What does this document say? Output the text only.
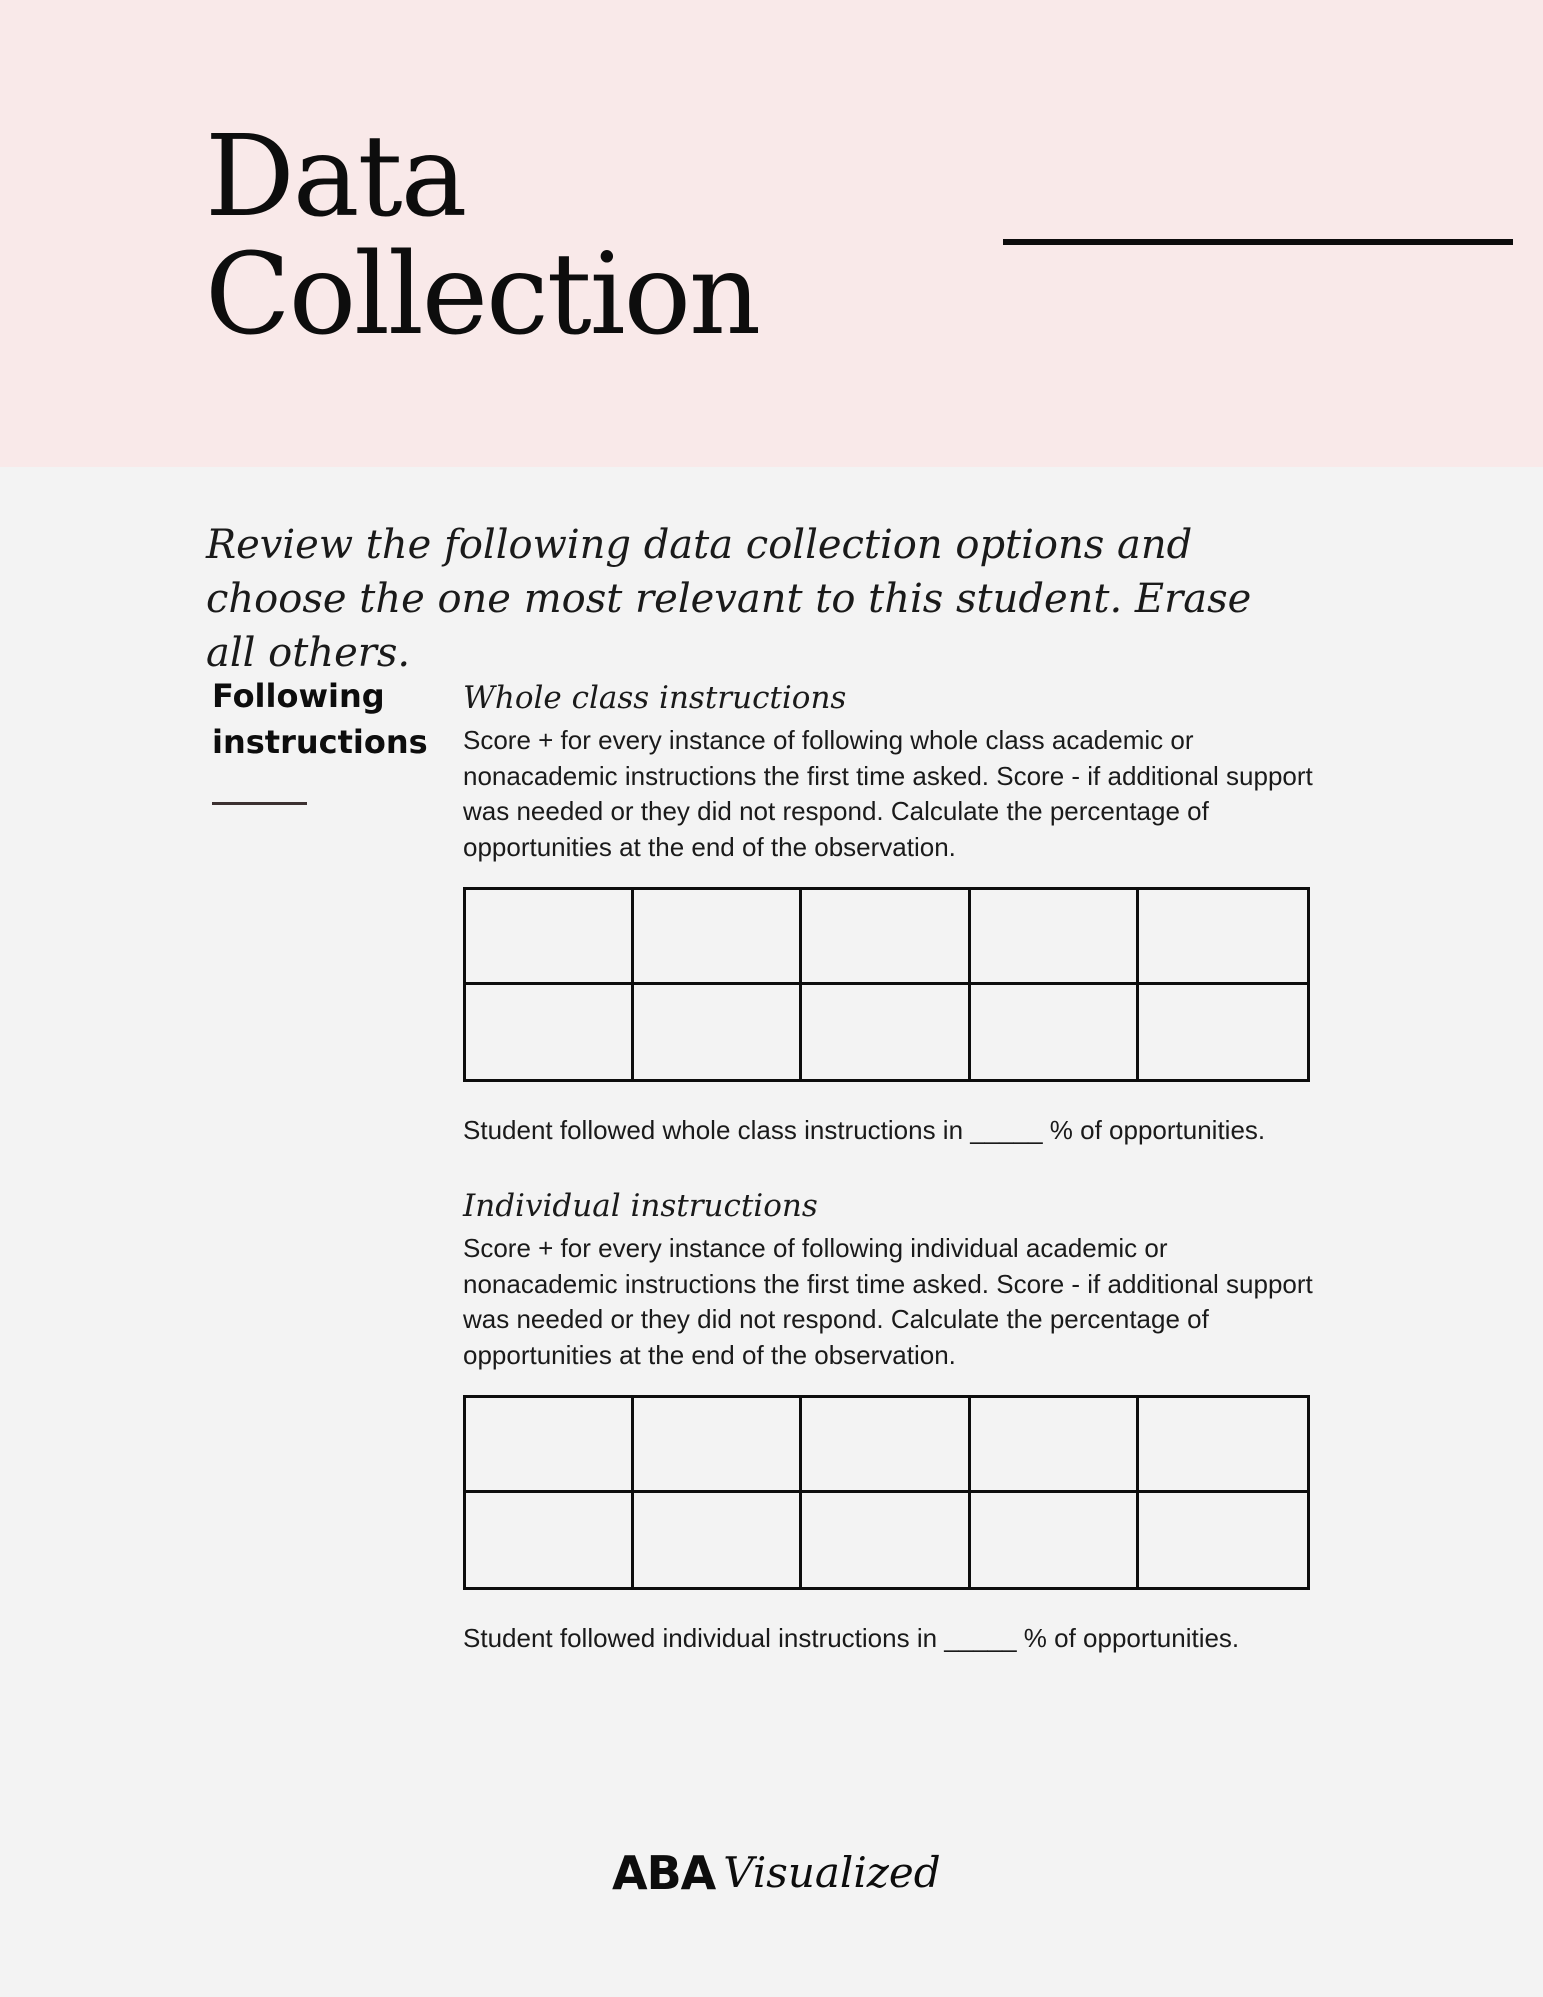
Data
Collection

Review the following data collection options and choose the one most relevant to this student. Erase all others.

Following
instructions
Whole class instructions

Score + for every instance of following whole class academic or nonacademic instructions the first time asked. Score - if additional support was needed or they did not respond. Calculate the percentage of opportunities at the end of the observation.

Student followed whole class instructions in _____ % of opportunities.

Individual instructions

Score + for every instance of following individual academic or nonacademic instructions the first time asked. Score - if additional support was needed or they did not respond. Calculate the percentage of opportunities at the end of the observation.

Student followed individual instructions in _____ % of opportunities.

ABA Visualized
